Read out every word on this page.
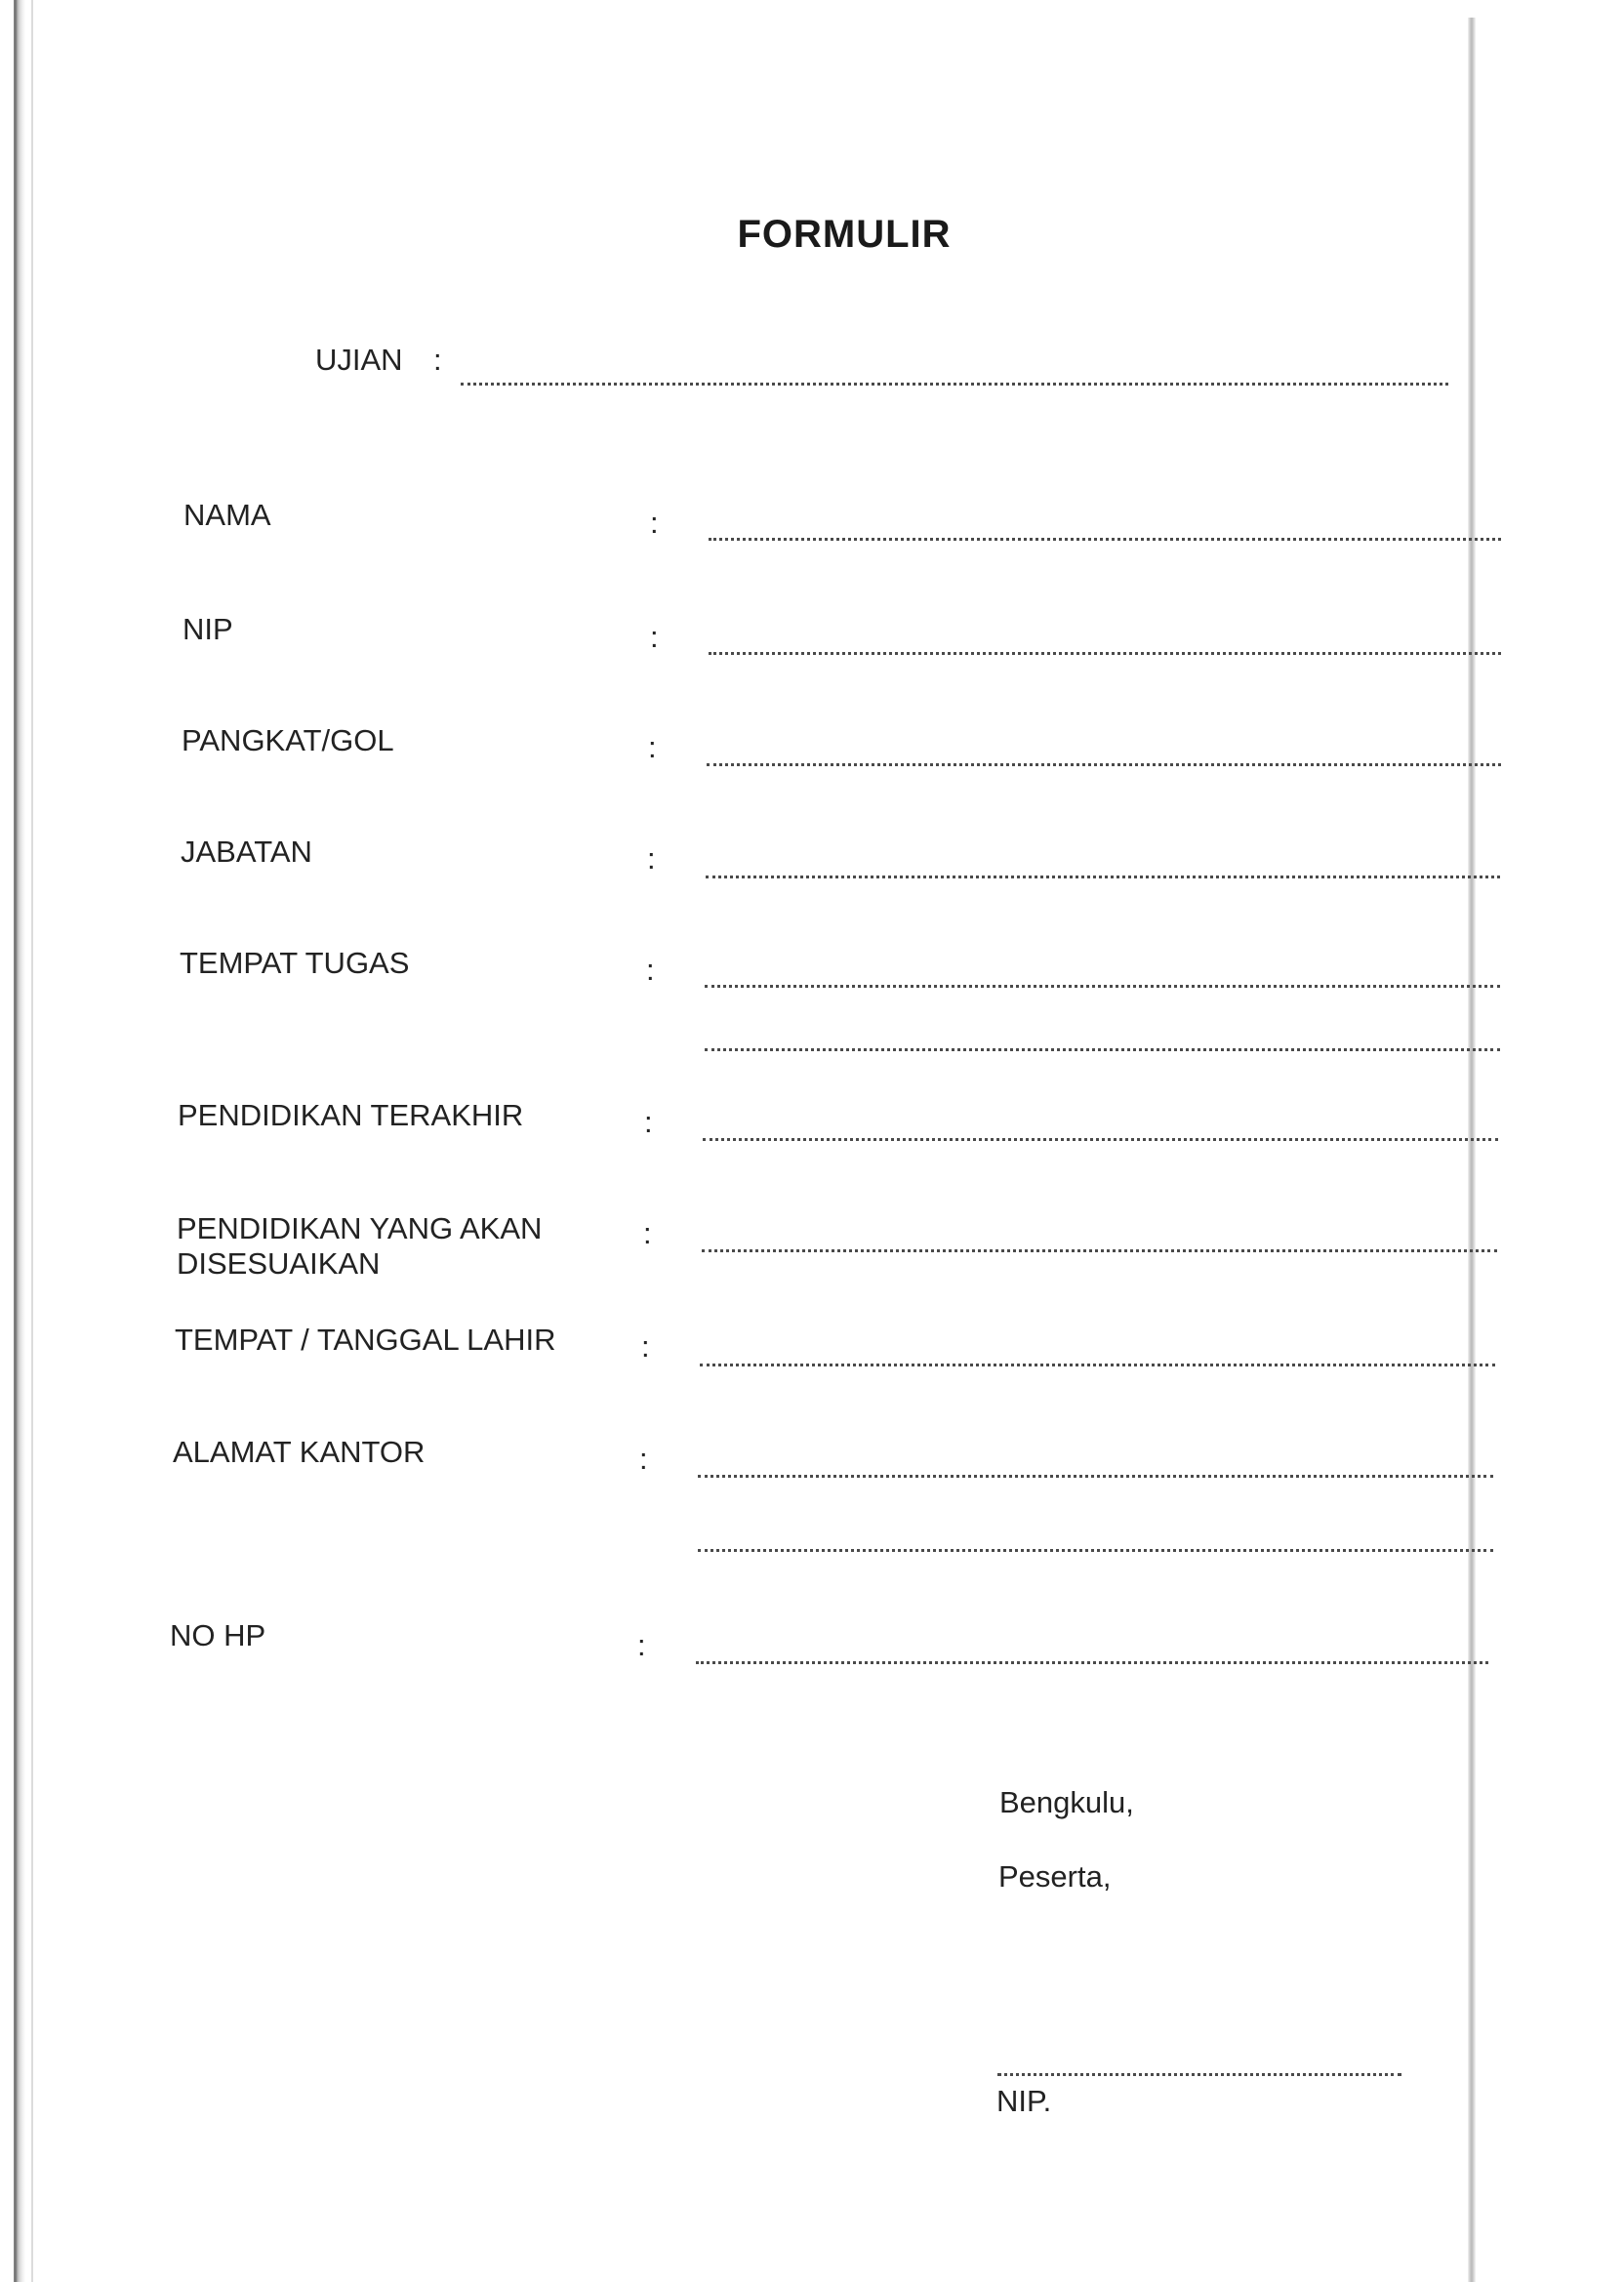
FORMULIR
UJIAN :
NAMA	:
NIP	:
PANGKAT/GOL	:
JABATAN	:
TEMPAT TUGAS	:
PENDIDIKAN TERAKHIR	:
PENDIDIKAN YANG AKAN
DISESUAIKAN
:
TEMPAT / TANGGAL LAHIR	:
ALAMAT KANTOR	:
NO HP	:
Bengkulu,
Peserta,
NIP.
